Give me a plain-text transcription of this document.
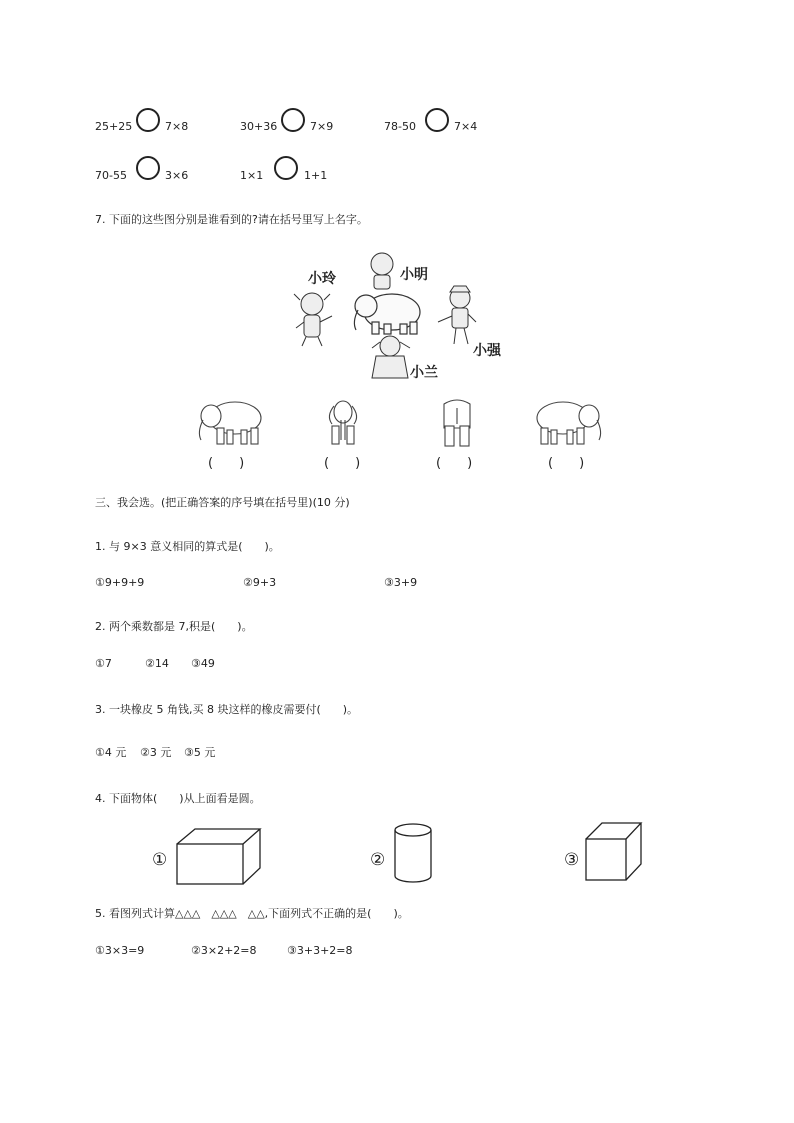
25+25	7×8	30+36	7×9	78-50	7×4
70-55	3×6	1×1	1+1
7. 下面的这些图分别是谁看到的?请在括号里写上名字。
小玲	小明
小强
小兰
(　　)	(　　)	(　　)	(　　)
三、我会选。(把正确答案的序号填在括号里)(10 分)
1. 与 9×3 意义相同的算式是(　　)。
①9+9+9	②9+3	③3+9
2. 两个乘数都是 7,积是(　　)。
①7	②14 ③49
3. 一块橡皮 5 角钱,买 8 块这样的橡皮需要付(　　)。
①4 元 ②3 元 ③5 元
4. 下面物体(　　)从上面看是圆。
①	②	③
5. 看图列式计算△△△　△△△　△△,下面列式不正确的是(　　)。
①3×3=9	②3×2+2=8	③3+3+2=8
